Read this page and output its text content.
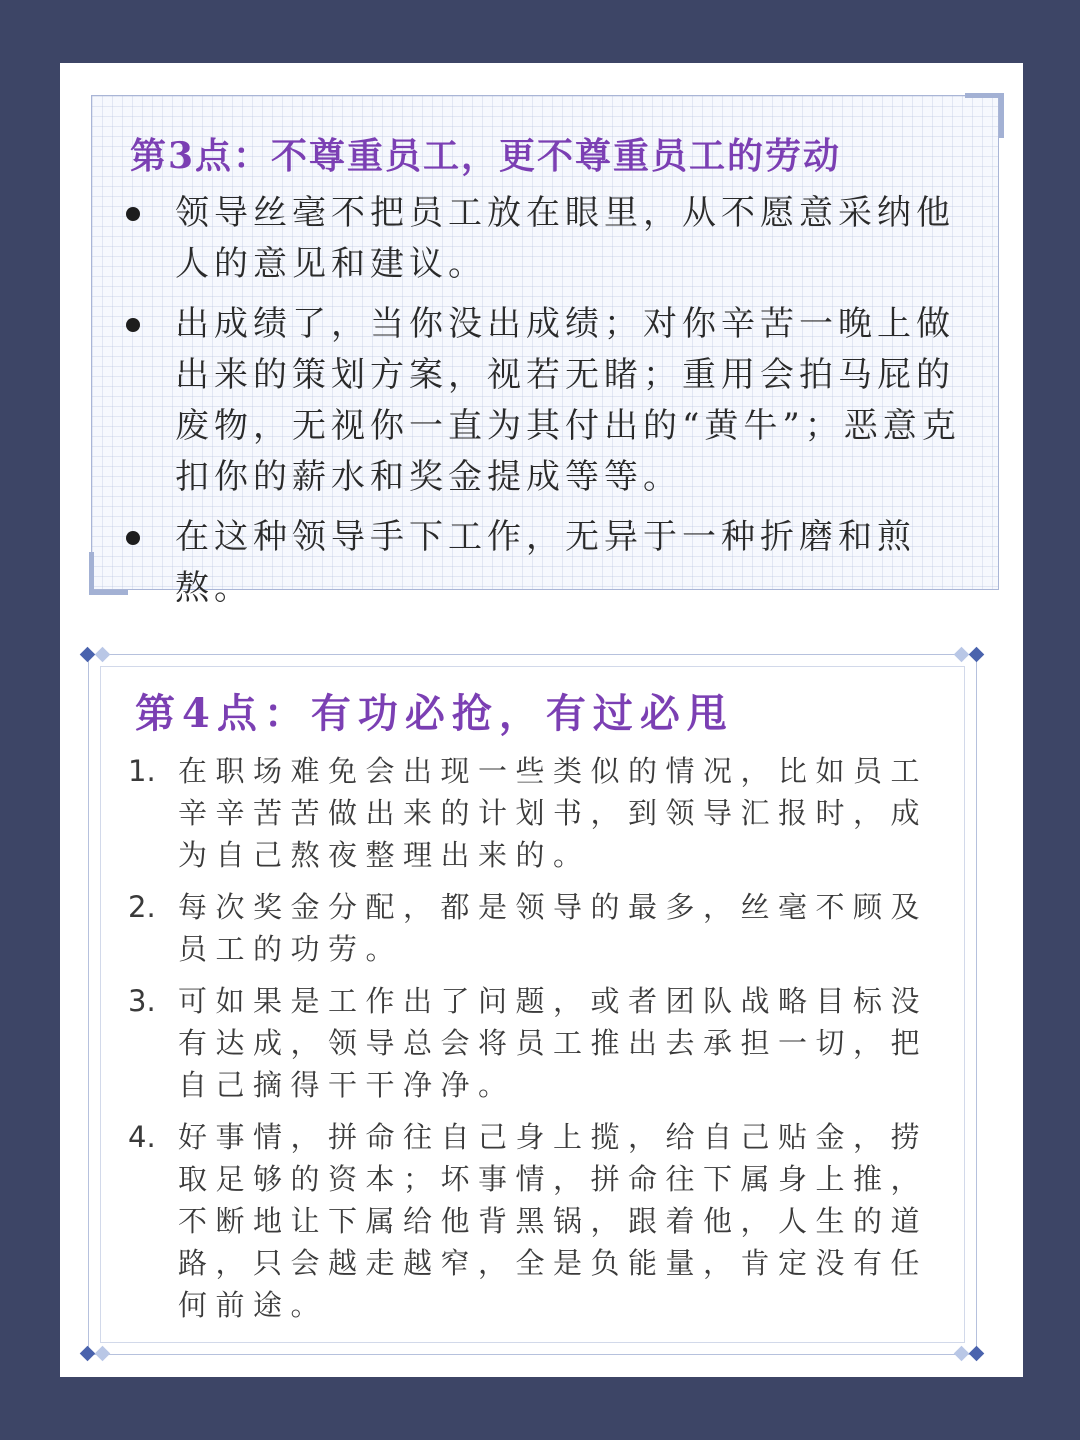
第3点：不尊重员工，更不尊重员工的劳动
领导丝毫不把员工放在眼里，从不愿意采纳他人的意见和建议。
出成绩了，当你没出成绩；对你辛苦一晚上做出来的策划方案，视若无睹；重用会拍马屁的废物，无视你一直为其付出的“黄牛”；恶意克扣你的薪水和奖金提成等等。
在这种领导手下工作，无异于一种折磨和煎熬。
第4点：有功必抢，有过必甩
1. 在职场难免会出现一些类似的情况，比如员工辛辛苦苦做出来的计划书，到领导汇报时，成为自己熬夜整理出来的。
2. 每次奖金分配，都是领导的最多，丝毫不顾及员工的功劳。
3. 可如果是工作出了问题，或者团队战略目标没有达成，领导总会将员工推出去承担一切，把自己摘得干干净净。
4. 好事情，拼命往自己身上揽，给自己贴金，捞取足够的资本；坏事情，拼命往下属身上推，不断地让下属给他背黑锅，跟着他，人生的道路，只会越走越窄，全是负能量，肯定没有任何前途。
